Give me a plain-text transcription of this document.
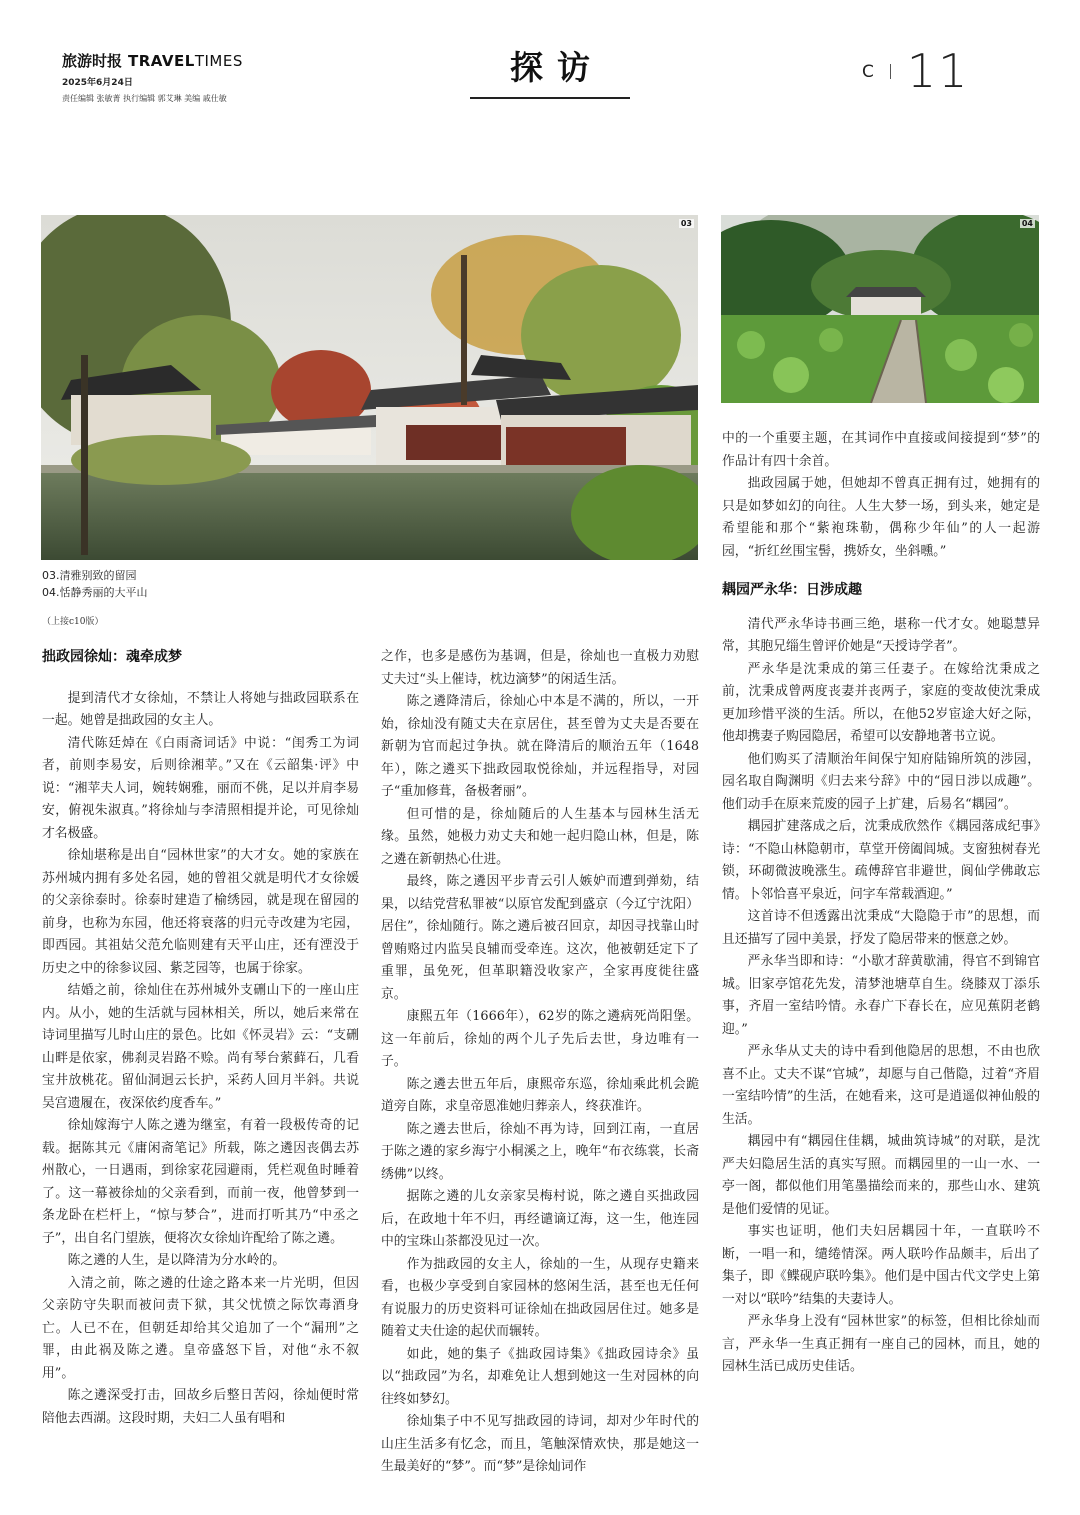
旅游时报 TRAVELTIMES
2025年6月24日
责任编辑 张敏菁 执行编辑 郭艾琳 美编 戚仕敏
探访	C 11
03	04
03.清雅别致的留园
04.恬静秀丽的大平山
（上接c10版）
拙政园徐灿：魂牵成梦

提到清代才女徐灿，不禁让人将她与拙政园联系在一起。她曾是拙政园的女主人。

清代陈廷焯在《白雨斋词话》中说：“闺秀工为词者，前则李易安，后则徐湘苹。”又在《云韶集·评》中说：“湘苹夫人词，婉转娴雅，丽而不佻，足以并肩李易安，俯视朱淑真。”将徐灿与李清照相提并论，可见徐灿才名极盛。

徐灿堪称是出自“园林世家”的大才女。她的家族在苏州城内拥有多处名园，她的曾祖父就是明代才女徐媛的父亲徐泰时。徐泰时建造了榆绣园，就是现在留园的前身，也称为东园，他还将衰落的归元寺改建为宅园，即西园。其祖姑父范允临则建有天平山庄，还有湮没于历史之中的徐参议园、紫芝园等，也属于徐家。

结婚之前，徐灿住在苏州城外支硎山下的一座山庄内。从小，她的生活就与园林相关，所以，她后来常在诗词里描写儿时山庄的景色。比如《怀灵岩》云：“支硎山畔是依家，佛刹灵岩路不赊。尚有琴台萦藓石，几看宝井放桃花。留仙洞迥云长护，采药人回月半斜。共说吴宫遗履在，夜深依约度香车。”

徐灿嫁海宁人陈之遴为继室，有着一段极传奇的记载。据陈其元《庸闲斋笔记》所载，陈之遴因丧偶去苏州散心，一日遇雨，到徐家花园避雨，凭栏观鱼时睡着了。这一幕被徐灿的父亲看到，而前一夜，他曾梦到一条龙卧在栏杆上，“惊与梦合”，进而打听其乃“中丞之子”，出自名门望族，便将次女徐灿许配给了陈之遴。

陈之遴的人生，是以降清为分水岭的。

入清之前，陈之遴的仕途之路本来一片光明，但因父亲防守失职而被问责下狱，其父忧愤之际饮毒酒身亡。人已不在，但朝廷却给其父追加了一个“漏刑”之罪，由此祸及陈之遴。皇帝盛怒下旨，对他“永不叙用”。

陈之遴深受打击，回故乡后整日苦闷，徐灿便时常陪他去西湖。这段时期，夫妇二人虽有唱和

之作，也多是感伤为基调，但是，徐灿也一直极力劝慰丈夫过“头上催诗，枕边滴梦”的闲适生活。

陈之遴降清后，徐灿心中本是不满的，所以，一开始，徐灿没有随丈夫在京居住，甚至曾为丈夫是否要在新朝为官而起过争执。就在降清后的顺治五年（1648年），陈之遴买下拙政园取悦徐灿，并远程指导，对园子“重加修葺，备极奢丽”。

但可惜的是，徐灿随后的人生基本与园林生活无缘。虽然，她极力劝丈夫和她一起归隐山林，但是，陈之遴在新朝热心仕进。

最终，陈之遴因平步青云引人嫉妒而遭到弹劾，结果，以结党营私罪被“以原官发配到盛京（今辽宁沈阳）居住”，徐灿随行。陈之遴后被召回京，却因寻找靠山时曾贿赂过内监吴良辅而受牵连。这次，他被朝廷定下了重罪，虽免死，但革职籍没收家产，全家再度徙往盛京。

康熙五年（1666年），62岁的陈之遴病死尚阳堡。这一年前后，徐灿的两个儿子先后去世，身边唯有一子。

陈之遴去世五年后，康熙帝东巡，徐灿乘此机会跪道旁自陈，求皇帝恩准她归葬亲人，终获准许。

陈之遴去世后，徐灿不再为诗，回到江南，一直居于陈之遴的家乡海宁小桐溪之上，晚年“布衣练裳，长斋绣佛”以终。

据陈之遴的儿女亲家吴梅村说，陈之遴自买拙政园后，在政地十年不归，再经谴谪辽海，这一生，他连园中的宝珠山茶都没见过一次。

作为拙政园的女主人，徐灿的一生，从现存史籍来看，也极少享受到自家园林的悠闲生活，甚至也无任何有说服力的历史资料可证徐灿在拙政园居住过。她多是随着丈夫仕途的起伏而辗转。

如此，她的集子《拙政园诗集》《拙政园诗余》虽以“拙政园”为名，却难免让人想到她这一生对园林的向往终如梦幻。

徐灿集子中不见写拙政园的诗词，却对少年时代的山庄生活多有忆念，而且，笔触深情欢快，那是她这一生最美好的“梦”。而“梦”是徐灿词作

中的一个重要主题，在其词作中直接或间接提到“梦”的作品计有四十余首。

拙政园属于她，但她却不曾真正拥有过，她拥有的只是如梦如幻的向往。人生大梦一场，到头来，她定是希望能和那个“紫袍珠勒，偶称少年仙”的人一起游园，“折红丝围宝髻，携娇女，坐斜曛。”

耦园严永华：日涉成趣

清代严永华诗书画三绝，堪称一代才女。她聪慧异常，其胞兄缁生曾评价她是“天授诗学者”。

严永华是沈秉成的第三任妻子。在嫁给沈秉成之前，沈秉成曾两度丧妻并丧两子，家庭的变故使沈秉成更加珍惜平淡的生活。所以，在他52岁宦途大好之际，他却携妻子购园隐居，希望可以安静地著书立说。

他们购买了清顺治年间保宁知府陆锦所筑的涉园，园名取自陶渊明《归去来兮辞》中的“园日涉以成趣”。他们动手在原来荒废的园子上扩建，后易名“耦园”。

耦园扩建落成之后，沈秉成欣然作《耦园落成纪事》诗：“不隐山林隐朝市，草堂开傍阖闾城。支窗独树春光锁，环砌微波晚涨生。疏傅辞官非避世，阆仙学佛敢忘情。卜邻恰喜平泉近，问字车常载酒迎。”

这首诗不但透露出沈秉成“大隐隐于市”的思想，而且还描写了园中美景，抒发了隐居带来的惬意之妙。

严永华当即和诗：“小歇才辞黄歇浦，得官不到锦官城。旧家亭馆花先发，清梦池塘草自生。绕膝双丁添乐事，齐眉一室结吟情。永春广下春长在，应见蕉阴老鹤迎。”

严永华从丈夫的诗中看到他隐居的思想，不由也欣喜不止。丈夫不谋“官城”，却愿与自己偕隐，过着“齐眉一室结吟情”的生活，在她看来，这可是逍遥似神仙般的生活。

耦园中有“耦园住佳耦，城曲筑诗城”的对联，是沈严夫妇隐居生活的真实写照。而耦园里的一山一水、一亭一阁，都似他们用笔墨描绘而来的，那些山水、建筑是他们爱情的见证。

事实也证明，他们夫妇居耦园十年，一直联吟不断，一唱一和，缱绻情深。两人联吟作品颇丰，后出了集子，即《鲽砚庐联吟集》。他们是中国古代文学史上第一对以“联吟”结集的夫妻诗人。

严永华身上没有“园林世家”的标签，但相比徐灿而言，严永华一生真正拥有一座自己的园林，而且，她的园林生活已成历史佳话。
